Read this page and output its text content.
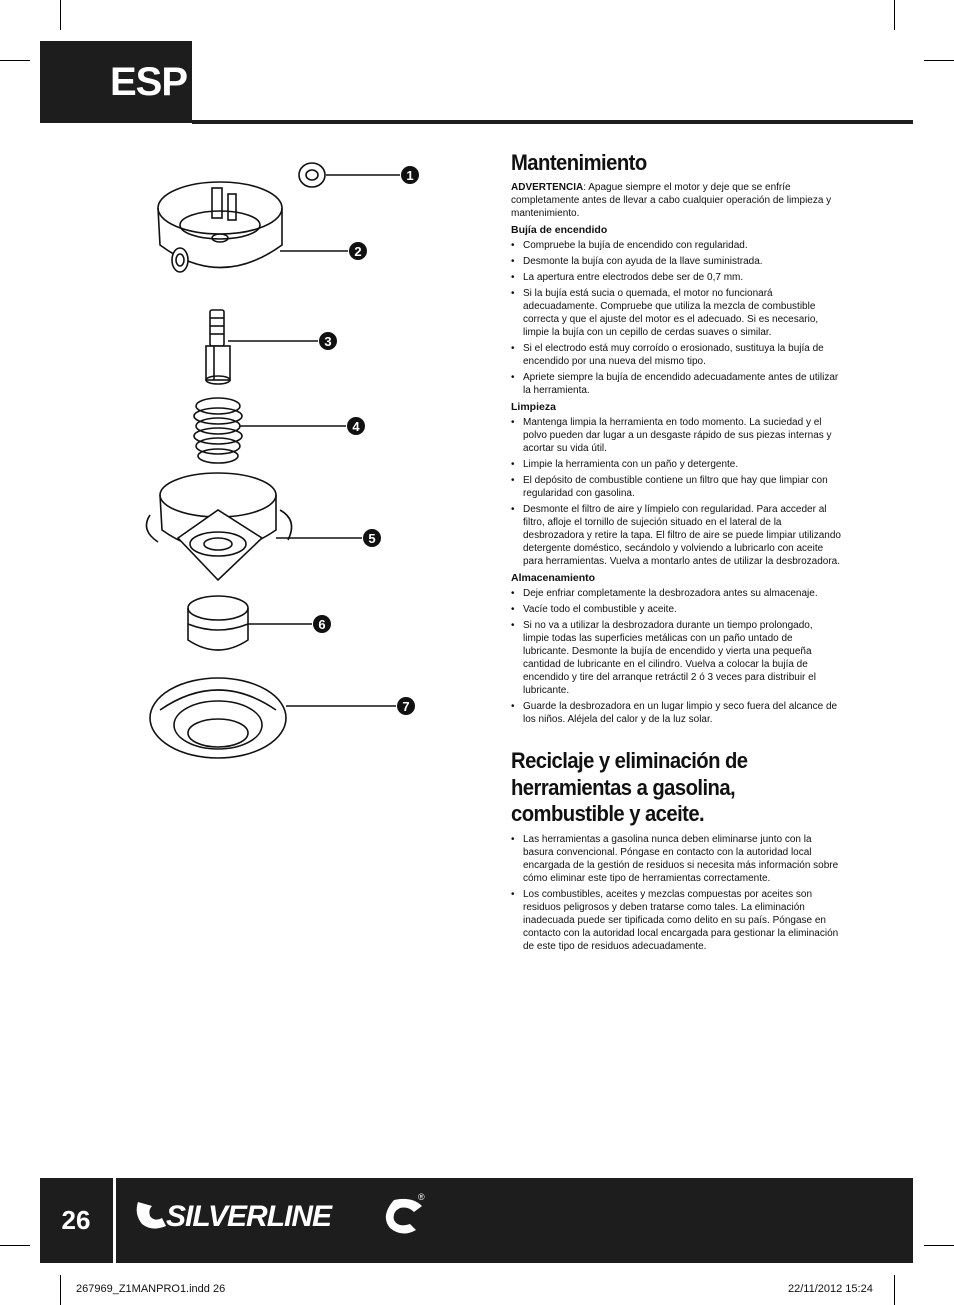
ESP
1
2
3
4
5
6
7
Mantenimiento

ADVERTENCIA: Apague siempre el motor y deje que se enfríe completamente antes de llevar a cabo cualquier operación de limpieza y mantenimiento.

Bujía de encendido
• Compruebe la bujía de encendido con regularidad.
• Desmonte la bujía con ayuda de la llave suministrada.
• La apertura entre electrodos debe ser de 0,7 mm.
• Si la bujía está sucia o quemada, el motor no funcionará adecuadamente. Compruebe que utiliza la mezcla de combustible correcta y que el ajuste del motor es el adecuado. Si es necesario, limpie la bujía con un cepillo de cerdas suaves o similar.
• Si el electrodo está muy corroído o erosionado, sustituya la bujía de encendido por una nueva del mismo tipo.
• Apriete siempre la bujía de encendido adecuadamente antes de utilizar la herramienta.
Limpieza
• Mantenga limpia la herramienta en todo momento. La suciedad y el polvo pueden dar lugar a un desgaste rápido de sus piezas internas y acortar su vida útil.
• Limpie la herramienta con un paño y detergente.
• El depósito de combustible contiene un filtro que hay que limpiar con regularidad con gasolina.
• Desmonte el filtro de aire y límpielo con regularidad. Para acceder al filtro, afloje el tornillo de sujeción situado en el lateral de la desbrozadora y retire la tapa. El filtro de aire se puede limpiar utilizando detergente doméstico, secándolo y volviendo a lubricarlo con aceite para herramientas. Vuelva a montarlo antes de utilizar la desbrozadora.
Almacenamiento
• Deje enfriar completamente la desbrozadora antes su almacenaje.
• Vacíe todo el combustible y aceite.
• Si no va a utilizar la desbrozadora durante un tiempo prolongado, limpie todas las superficies metálicas con un paño untado de lubricante. Desmonte la bujía de encendido y vierta una pequeña cantidad de lubricante en el cilindro. Vuelva a colocar la bujía de encendido y tire del arranque retráctil 2 ó 3 veces para distribuir el lubricante.
• Guarde la desbrozadora en un lugar limpio y seco fuera del alcance de los niños. Aléjela del calor y de la luz solar.
Reciclaje y eliminación de herramientas a gasolina, combustible y aceite.
• Las herramientas a gasolina nunca deben eliminarse junto con la basura convencional. Póngase en contacto con la autoridad local encargada de la gestión de residuos si necesita más información sobre cómo eliminar este tipo de herramientas correctamente.
• Los combustibles, aceites y mezclas compuestas por aceites son residuos peligrosos y deben tratarse como tales. La eliminación inadecuada puede ser tipificada como delito en su país. Póngase en contacto con la autoridad local encargada para gestionar la eliminación de este tipo de residuos adecuadamente.
26	SILVERLINE
®
267969_Z1MANPRO1.indd 26	22/11/2012 15:24
